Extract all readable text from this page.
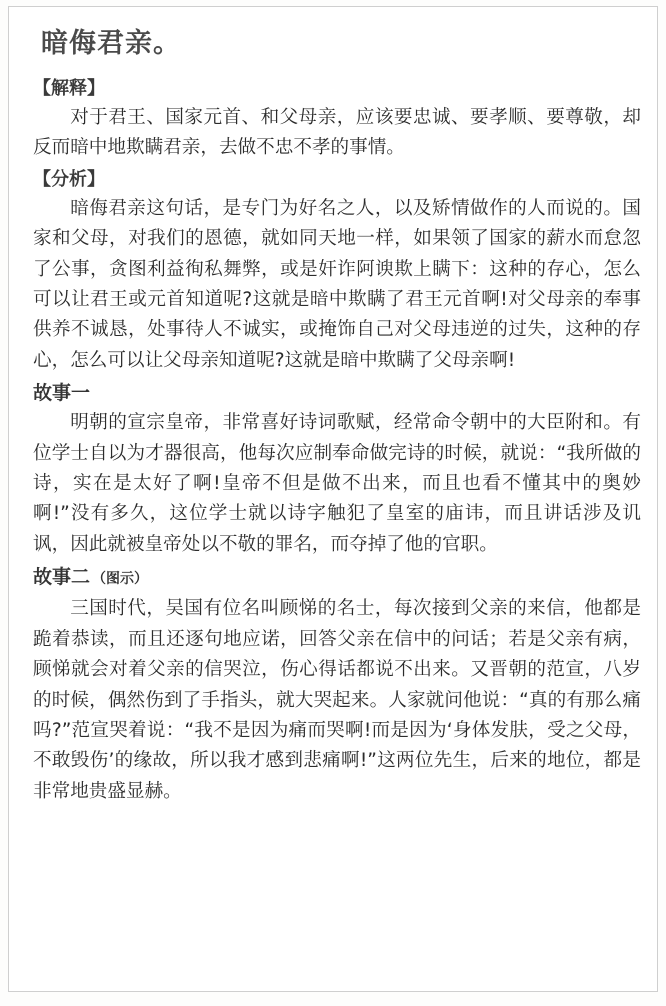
暗侮君亲。
【解释】

对于君王、国家元首、和父母亲，应该要忠诚、要孝顺、要尊敬，却反而暗中地欺瞒君亲，去做不忠不孝的事情。

【分析】

暗侮君亲这句话，是专门为好名之人，以及矫情做作的人而说的。国家和父母，对我们的恩德，就如同天地一样，如果领了国家的薪水而怠忽了公事，贪图利益徇私舞弊，或是奸诈阿谀欺上瞒下：这种的存心，怎么可以让君王或元首知道呢?这就是暗中欺瞒了君王元首啊!对父母亲的奉事供养不诚恳，处事待人不诚实，或掩饰自己对父母违逆的过失，这种的存心，怎么可以让父母亲知道呢?这就是暗中欺瞒了父母亲啊!

故事一

明朝的宣宗皇帝，非常喜好诗词歌赋，经常命令朝中的大臣附和。有位学士自以为才器很高，他每次应制奉命做完诗的时候，就说：“我所做的诗，实在是太好了啊!皇帝不但是做不出来，而且也看不懂其中的奥妙啊!”没有多久，这位学士就以诗字触犯了皇室的庙讳，而且讲话涉及讥讽，因此就被皇帝处以不敬的罪名，而夺掉了他的官职。

故事二 （图示）

三国时代，吴国有位名叫顾悌的名士，每次接到父亲的来信，他都是跪着恭读，而且还逐句地应诺，回答父亲在信中的问话；若是父亲有病，顾悌就会对着父亲的信哭泣，伤心得话都说不出来。又晋朝的范宣，八岁的时候，偶然伤到了手指头，就大哭起来。人家就问他说：“真的有那么痛吗?”范宣哭着说：“我不是因为痛而哭啊!而是因为‘身体发肤，受之父母，不敢毁伤’的缘故，所以我才感到悲痛啊!”这两位先生，后来的地位，都是非常地贵盛显赫。
